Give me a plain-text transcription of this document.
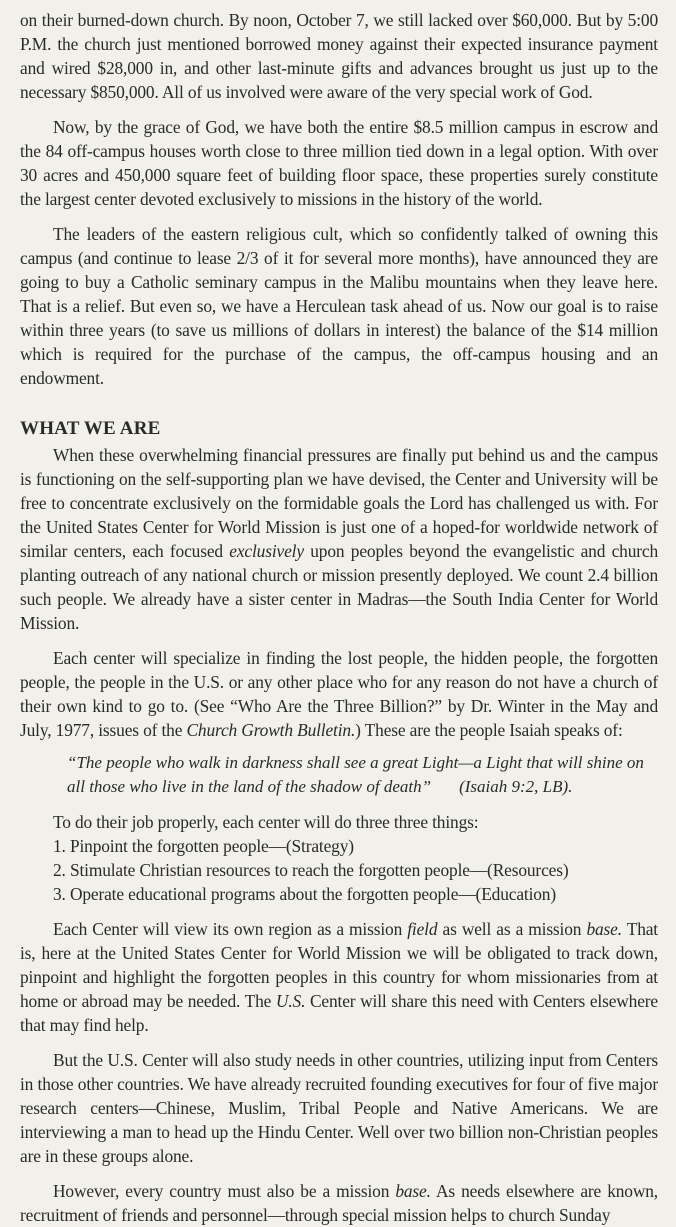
on their burned-down church. By noon, October 7, we still lacked over $60,000. But by 5:00 P.M. the church just mentioned borrowed money against their expected insurance payment and wired $28,000 in, and other last-minute gifts and advances brought us just up to the necessary $850,000. All of us involved were aware of the very special work of God.

Now, by the grace of God, we have both the entire $8.5 million campus in escrow and the 84 off-campus houses worth close to three million tied down in a legal option. With over 30 acres and 450,000 square feet of building floor space, these properties surely constitute the largest center devoted exclusively to missions in the history of the world.

The leaders of the eastern religious cult, which so confidently talked of owning this campus (and continue to lease 2/3 of it for several more months), have announced they are going to buy a Catholic seminary campus in the Malibu mountains when they leave here. That is a relief. But even so, we have a Herculean task ahead of us. Now our goal is to raise within three years (to save us millions of dollars in interest) the balance of the $14 million which is required for the purchase of the campus, the off-campus housing and an endowment.

WHAT WE ARE

When these overwhelming financial pressures are finally put behind us and the campus is functioning on the self-supporting plan we have devised, the Center and University will be free to concentrate exclusively on the formidable goals the Lord has challenged us with. For the United States Center for World Mission is just one of a hoped-for worldwide network of similar centers, each focused exclusively upon peoples beyond the evangelistic and church planting outreach of any national church or mission presently deployed. We count 2.4 billion such people. We already have a sister center in Madras—the South India Center for World Mission.

Each center will specialize in finding the lost people, the hidden people, the forgotten people, the people in the U.S. or any other place who for any reason do not have a church of their own kind to go to. (See “Who Are the Three Billion?” by Dr. Winter in the May and July, 1977, issues of the Church Growth Bulletin.) These are the people Isaiah speaks of:

“The people who walk in darkness shall see a great Light—a Light that will shine on
all those who live in the land of the shadow of death” (Isaiah 9:2, LB).

To do their job properly, each center will do three three things:

1. Pinpoint the forgotten people—(Strategy)

2. Stimulate Christian resources to reach the forgotten people—(Resources)

3. Operate educational programs about the forgotten people—(Education)

Each Center will view its own region as a mission field as well as a mission base. That is, here at the United States Center for World Mission we will be obligated to track down, pinpoint and highlight the forgotten peoples in this country for whom missionaries from at home or abroad may be needed. The U.S. Center will share this need with Centers elsewhere that may find help.

But the U.S. Center will also study needs in other countries, utilizing input from Centers in those other countries. We have already recruited founding executives for four of five major research centers—Chinese, Muslim, Tribal People and Native Americans. We are interviewing a man to head up the Hindu Center. Well over two billion non-Christian peoples are in these groups alone.

However, every country must also be a mission base. As needs elsewhere are known, recruitment of friends and personnel—through special mission helps to church Sunday
